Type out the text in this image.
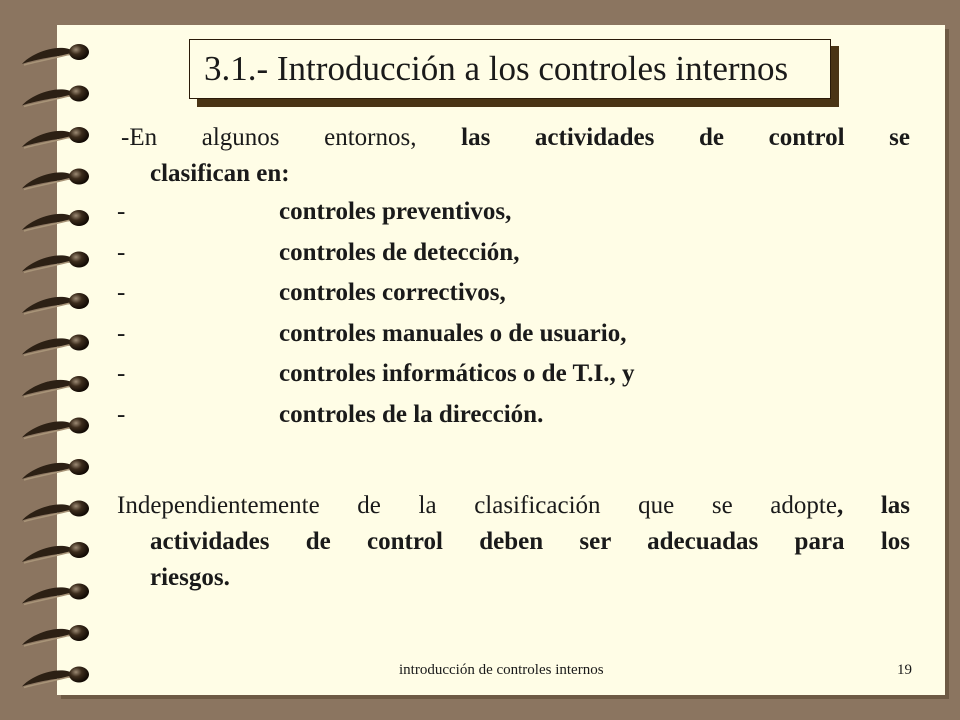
3.1.- Introducción a los controles internos
-En algunos entornos, las actividades de control se
clasifican en:
-	controles preventivos,
-	controles de detección,
-	controles correctivos,
-	controles manuales o de usuario,
-	controles informáticos o de T.I., y
-	controles de la dirección.
Independientemente de la clasificación que se adopte, las
actividades de control deben ser adecuadas para los
riesgos.
introducción de controles internos	19
